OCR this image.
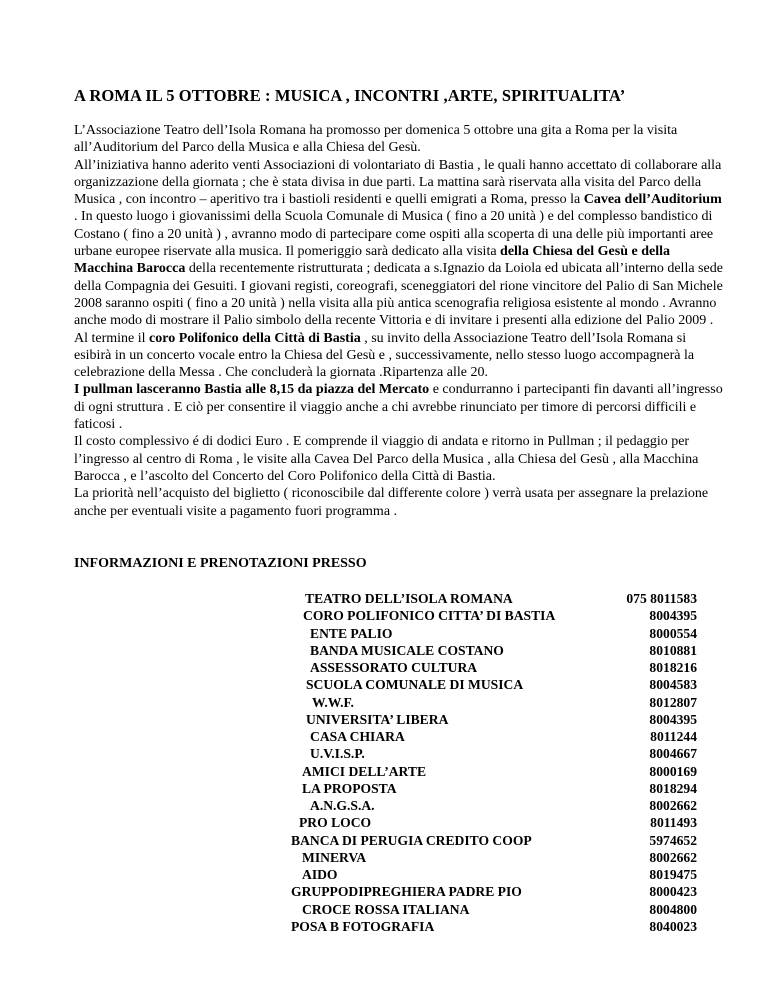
A ROMA IL 5 OTTOBRE : MUSICA , INCONTRI ,ARTE, SPIRITUALITA’

L’Associazione Teatro dell’Isola Romana ha promosso per domenica 5 ottobre una gita a Roma per la visita all’Auditorium del Parco della Musica e alla Chiesa del Gesù.

All’iniziativa hanno aderito venti Associazioni di volontariato di Bastia , le quali hanno accettato di collaborare alla organizzazione della giornata ; che è stata divisa in due parti. La mattina sarà riservata alla visita del Parco della Musica , con incontro – aperitivo tra i bastioli residenti e quelli emigrati a Roma, presso la Cavea dell’Auditorium . In questo luogo i giovanissimi della Scuola Comunale di Musica ( fino a 20 unità ) e del complesso bandistico di Costano ( fino a 20 unità ) , avranno modo di partecipare come ospiti alla scoperta di una delle più importanti aree urbane europee riservate alla musica. Il pomeriggio sarà dedicato alla visita della Chiesa del Gesù e della Macchina Barocca della recentemente ristrutturata ; dedicata a s.Ignazio da Loiola ed ubicata all’interno della sede della Compagnia dei Gesuiti. I giovani registi, coreografi, sceneggiatori del rione vincitore del Palio di San Michele 2008 saranno ospiti ( fino a 20 unità ) nella visita alla più antica scenografia religiosa esistente al mondo . Avranno anche modo di mostrare il Palio simbolo della recente Vittoria e di invitare i presenti alla edizione del Palio 2009 .

Al termine il coro Polifonico della Città di Bastia , su invito della Associazione Teatro dell’Isola Romana si esibirà in un concerto vocale entro la Chiesa del Gesù e , successivamente, nello stesso luogo accompagnerà la celebrazione della Messa . Che concluderà la giornata .Ripartenza alle 20.

I pullman lasceranno Bastia alle 8,15 da piazza del Mercato e condurranno i partecipanti fin davanti all’ingresso di ogni struttura . E ciò per consentire il viaggio anche a chi avrebbe rinunciato per timore di percorsi difficili e faticosi .

Il costo complessivo é di dodici Euro . E comprende il viaggio di andata e ritorno in Pullman ; il pedaggio per l’ingresso al centro di Roma , le visite alla Cavea Del Parco della Musica , alla Chiesa del Gesù , alla Macchina Barocca , e l’ascolto del Concerto del Coro Polifonico della Città di Bastia.

La priorità nell’acquisto del biglietto ( riconoscibile dal differente colore ) verrà usata per assegnare la prelazione anche per eventuali visite a pagamento fuori programma .

INFORMAZIONI E PRENOTAZIONI PRESSO
TEATRO DELL’ISOLA ROMANA	075 8011583
CORO POLIFONICO CITTA’ DI BASTIA	8004395
ENTE PALIO	8000554
BANDA MUSICALE COSTANO	8010881
ASSESSORATO CULTURA	8018216
SCUOLA COMUNALE DI MUSICA	8004583
W.W.F.	8012807
UNIVERSITA’ LIBERA	8004395
CASA CHIARA	8011244
U.V.I.S.P.	8004667
AMICI DELL’ARTE	8000169
LA PROPOSTA	8018294
A.N.G.S.A.	8002662
PRO LOCO	8011493
BANCA DI PERUGIA CREDITO COOP	5974652
MINERVA	8002662
AIDO	8019475
GRUPPODIPREGHIERA PADRE PIO	8000423
CROCE ROSSA ITALIANA	8004800
POSA B FOTOGRAFIA	8040023
